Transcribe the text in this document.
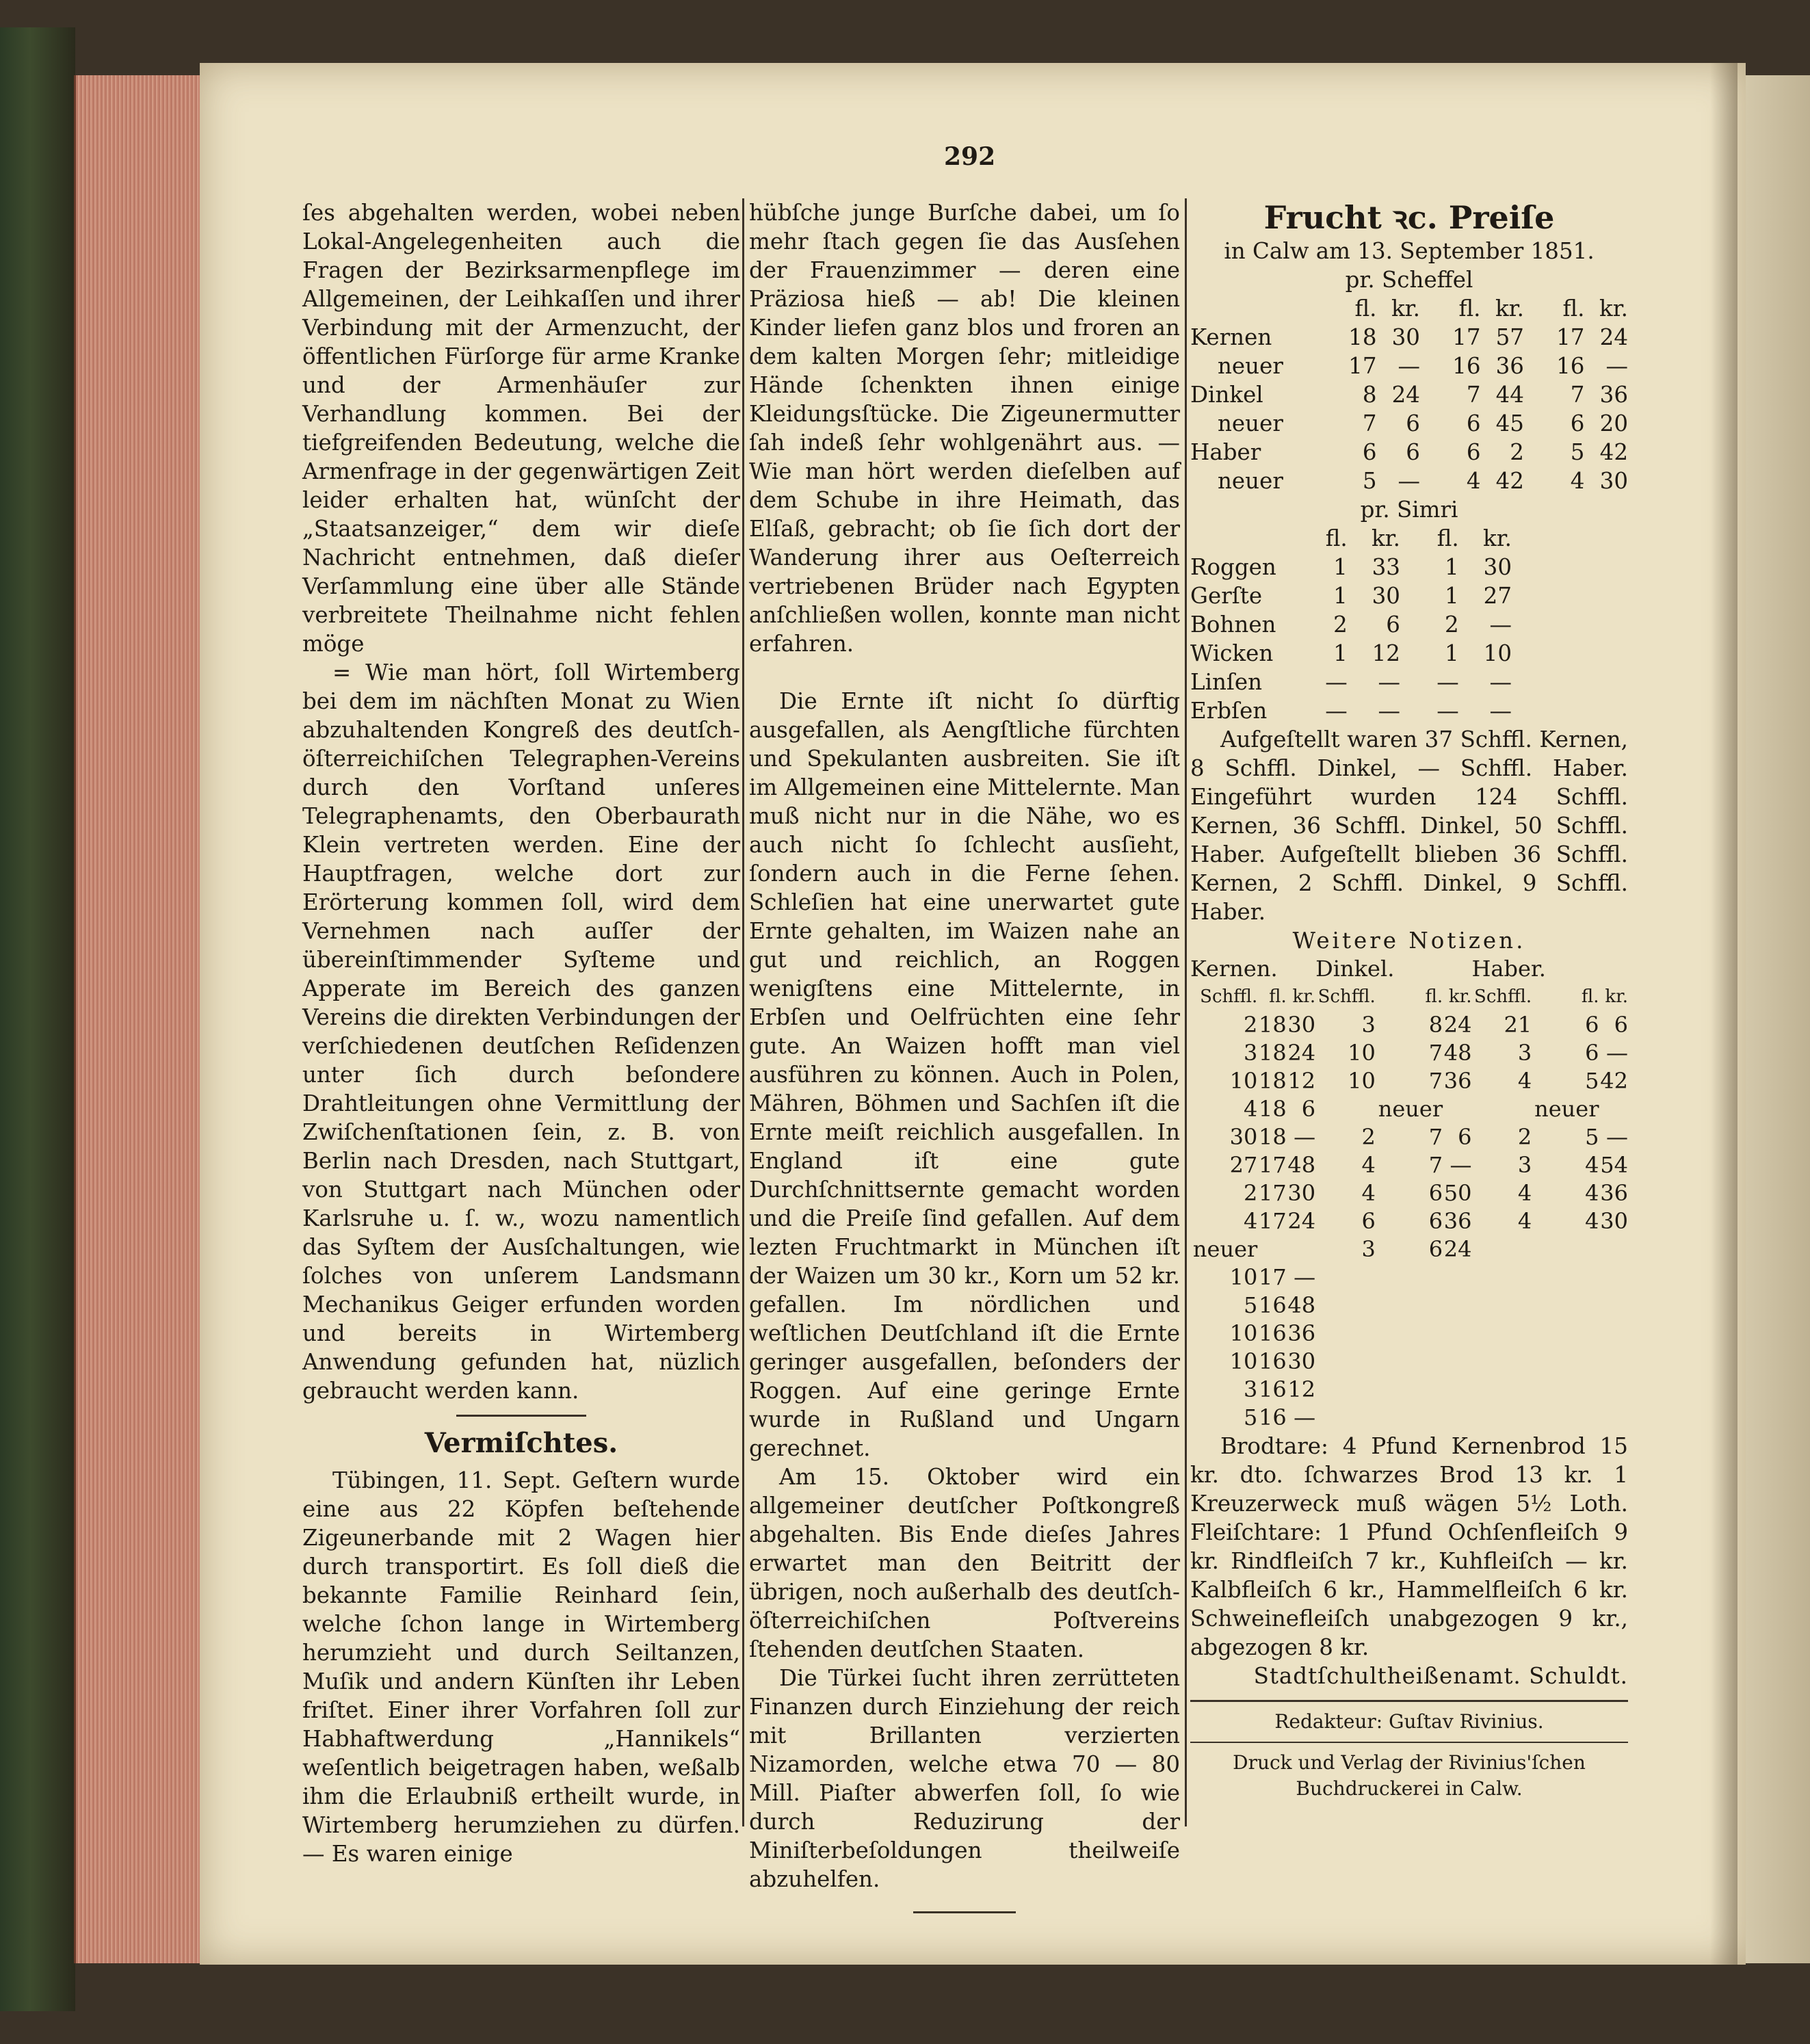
292

ſes abgehalten werden, wobei neben Lokal-Angelegenheiten auch die Fragen der Bezirksarmenpflege im Allgemeinen, der Leihkaſſen und ihrer Verbindung mit der Armenzucht, der öffentlichen Fürſorge für arme Kranke und der Armenhäuſer zur Verhandlung kommen. Bei der tiefgreifenden Bedeutung, welche die Armenfrage in der gegenwärtigen Zeit leider erhalten hat, wünſcht der „Staatsanzeiger,“ dem wir dieſe Nachricht entnehmen, daß dieſer Verſammlung eine über alle Stände verbreitete Theilnahme nicht fehlen möge

= Wie man hört, ſoll Wirtemberg bei dem im nächſten Monat zu Wien abzuhaltenden Kongreß des deutſch-öſterreichiſchen Telegraphen-Vereins durch den Vorſtand unſeres Telegraphenamts, den Oberbaurath Klein vertreten werden. Eine der Hauptfragen, welche dort zur Erörterung kommen ſoll, wird dem Vernehmen nach auſſer der übereinſtimmender Syſteme und Apperate im Bereich des ganzen Vereins die direkten Verbindungen der verſchiedenen deutſchen Reſidenzen unter ſich durch beſondere Drahtleitungen ohne Vermittlung der Zwiſchenſtationen ſein, z. B. von Berlin nach Dresden, nach Stuttgart, von Stuttgart nach München oder Karlsruhe u. ſ. w., wozu namentlich das Syſtem der Ausſchaltungen, wie ſolches von unſerem Landsmann Mechanikus Geiger erfunden worden und bereits in Wirtemberg Anwendung gefunden hat, nüzlich gebraucht werden kann.

Vermiſchtes.

Tübingen, 11. Sept. Geſtern wurde eine aus 22 Köpfen beſtehende Zigeunerbande mit 2 Wagen hier durch transportirt. Es ſoll dieß die bekannte Familie Reinhard ſein, welche ſchon lange in Wirtemberg herumzieht und durch Seiltanzen, Muſik und andern Künſten ihr Leben friſtet. Einer ihrer Vorfahren ſoll zur Habhaftwerdung „Hannikels“ weſentlich beigetragen haben, weßalb ihm die Erlaubniß ertheilt wurde, in Wirtemberg herumziehen zu dürfen. — Es waren einige

hübſche junge Burſche dabei, um ſo mehr ſtach gegen ſie das Ausſehen der Frauenzimmer — deren eine Präziosa hieß — ab! Die kleinen Kinder liefen ganz blos und froren an dem kalten Morgen ſehr; mitleidige Hände ſchenkten ihnen einige Kleidungsſtücke. Die Zigeunermutter ſah indeß ſehr wohlgenährt aus. — Wie man hört werden dieſelben auf dem Schube in ihre Heimath, das Elſaß, gebracht; ob ſie ſich dort der Wanderung ihrer aus Oeſterreich vertriebenen Brüder nach Egypten anſchließen wollen, konnte man nicht erfahren.

Die Ernte iſt nicht ſo dürftig ausgefallen, als Aengſtliche fürchten und Spekulanten ausbreiten. Sie iſt im Allgemeinen eine Mittelernte. Man muß nicht nur in die Nähe, wo es auch nicht ſo ſchlecht ausſieht, ſondern auch in die Ferne ſehen. Schleſien hat eine unerwartet gute Ernte gehalten, im Waizen nahe an gut und reichlich, an Roggen wenigſtens eine Mittelernte, in Erbſen und Oelfrüchten eine ſehr gute. An Waizen hofft man viel ausführen zu können. Auch in Polen, Mähren, Böhmen und Sachſen iſt die Ernte meiſt reichlich ausgefallen. In England iſt eine gute Durchſchnittsernte gemacht worden und die Preiſe ſind gefallen. Auf dem lezten Fruchtmarkt in München iſt der Waizen um 30 kr., Korn um 52 kr. gefallen. Im nördlichen und weſtlichen Deutſchland iſt die Ernte geringer ausgefallen, beſonders der Roggen. Auf eine geringe Ernte wurde in Rußland und Ungarn gerechnet.

Am 15. Oktober wird ein allgemeiner deutſcher Poſtkongreß abgehalten. Bis Ende dieſes Jahres erwartet man den Beitritt der übrigen, noch außerhalb des deutſch-öſterreichiſchen Poſtvereins ſtehenden deutſchen Staaten.

Die Türkei ſucht ihren zerrütteten Finanzen durch Einziehung der reich mit Brillanten verzierten Nizamorden, welche etwa 70 — 80 Mill. Piaſter abwerfen ſoll, ſo wie durch Reduzirung der Miniſterbeſoldungen theilweiſe abzuhelfen.

Frucht ꝛc. Preiſe
in Calw am 13. September 1851.
pr. Scheffel
	fl.	kr.		fl.	kr.		fl.	kr.
Kernen	18	30		17	57		17	24
neuer	17	—		16	36		16	—
Dinkel	8	24		7	44		7	36
neuer	7	6		6	45		6	20
Haber	6	6		6	2		5	42
neuer	5	—		4	42		4	30
pr. Simri
	fl.	kr.		fl.	kr.
Roggen	1	33		1	30
Gerſte	1	30		1	27
Bohnen	2	6		2	—
Wicken	1	12		1	10
Linſen	—	—		—	—
Erbſen	—	—		—	—

Aufgeſtellt waren 37 Schffl. Kernen, 8 Schffl. Dinkel, — Schffl. Haber. Eingeführt wurden 124 Schffl. Kernen, 36 Schffl. Dinkel, 50 Schffl. Haber. Aufgeſtellt blieben 36 Schffl. Kernen, 2 Schffl. Dinkel, 9 Schffl. Haber.

Weitere Notizen.
Kernen.			Dinkel.			Haber.		
Schffl.	fl.	kr.	Schffl.	fl.	kr.	Schffl.	fl.	kr.
2	18	30	3	8	24	21	6	6
3	18	24	10	7	48	3	6	—
10	18	12	10	7	36	4	5	42
4	18	6		neuer			neuer	
30	18	—	2	7	6	2	5	—
27	17	48	4	7	—	3	4	54
2	17	30	4	6	50	4	4	36
4	17	24	6	6	36	4	4	30
neuer			3	6	24			
10	17	—						
5	16	48						
10	16	36						
10	16	30						
3	16	12						
5	16	—						

Brodtare: 4 Pfund Kernenbrod 15 kr. dto. ſchwarzes Brod 13 kr. 1 Kreuzerweck muß wägen 5½ Loth. Fleiſchtare: 1 Pfund Ochſenfleiſch 9 kr. Rindfleiſch 7 kr., Kuhfleiſch — kr. Kalbfleiſch 6 kr., Hammelfleiſch 6 kr. Schweinefleiſch unabgezogen 9 kr., abgezogen 8 kr.

Stadtſchultheißenamt. Schuldt.
Redakteur: Guſtav Rivinius.
Druck und Verlag der Rivinius'ſchen Buchdruckerei in Calw.
